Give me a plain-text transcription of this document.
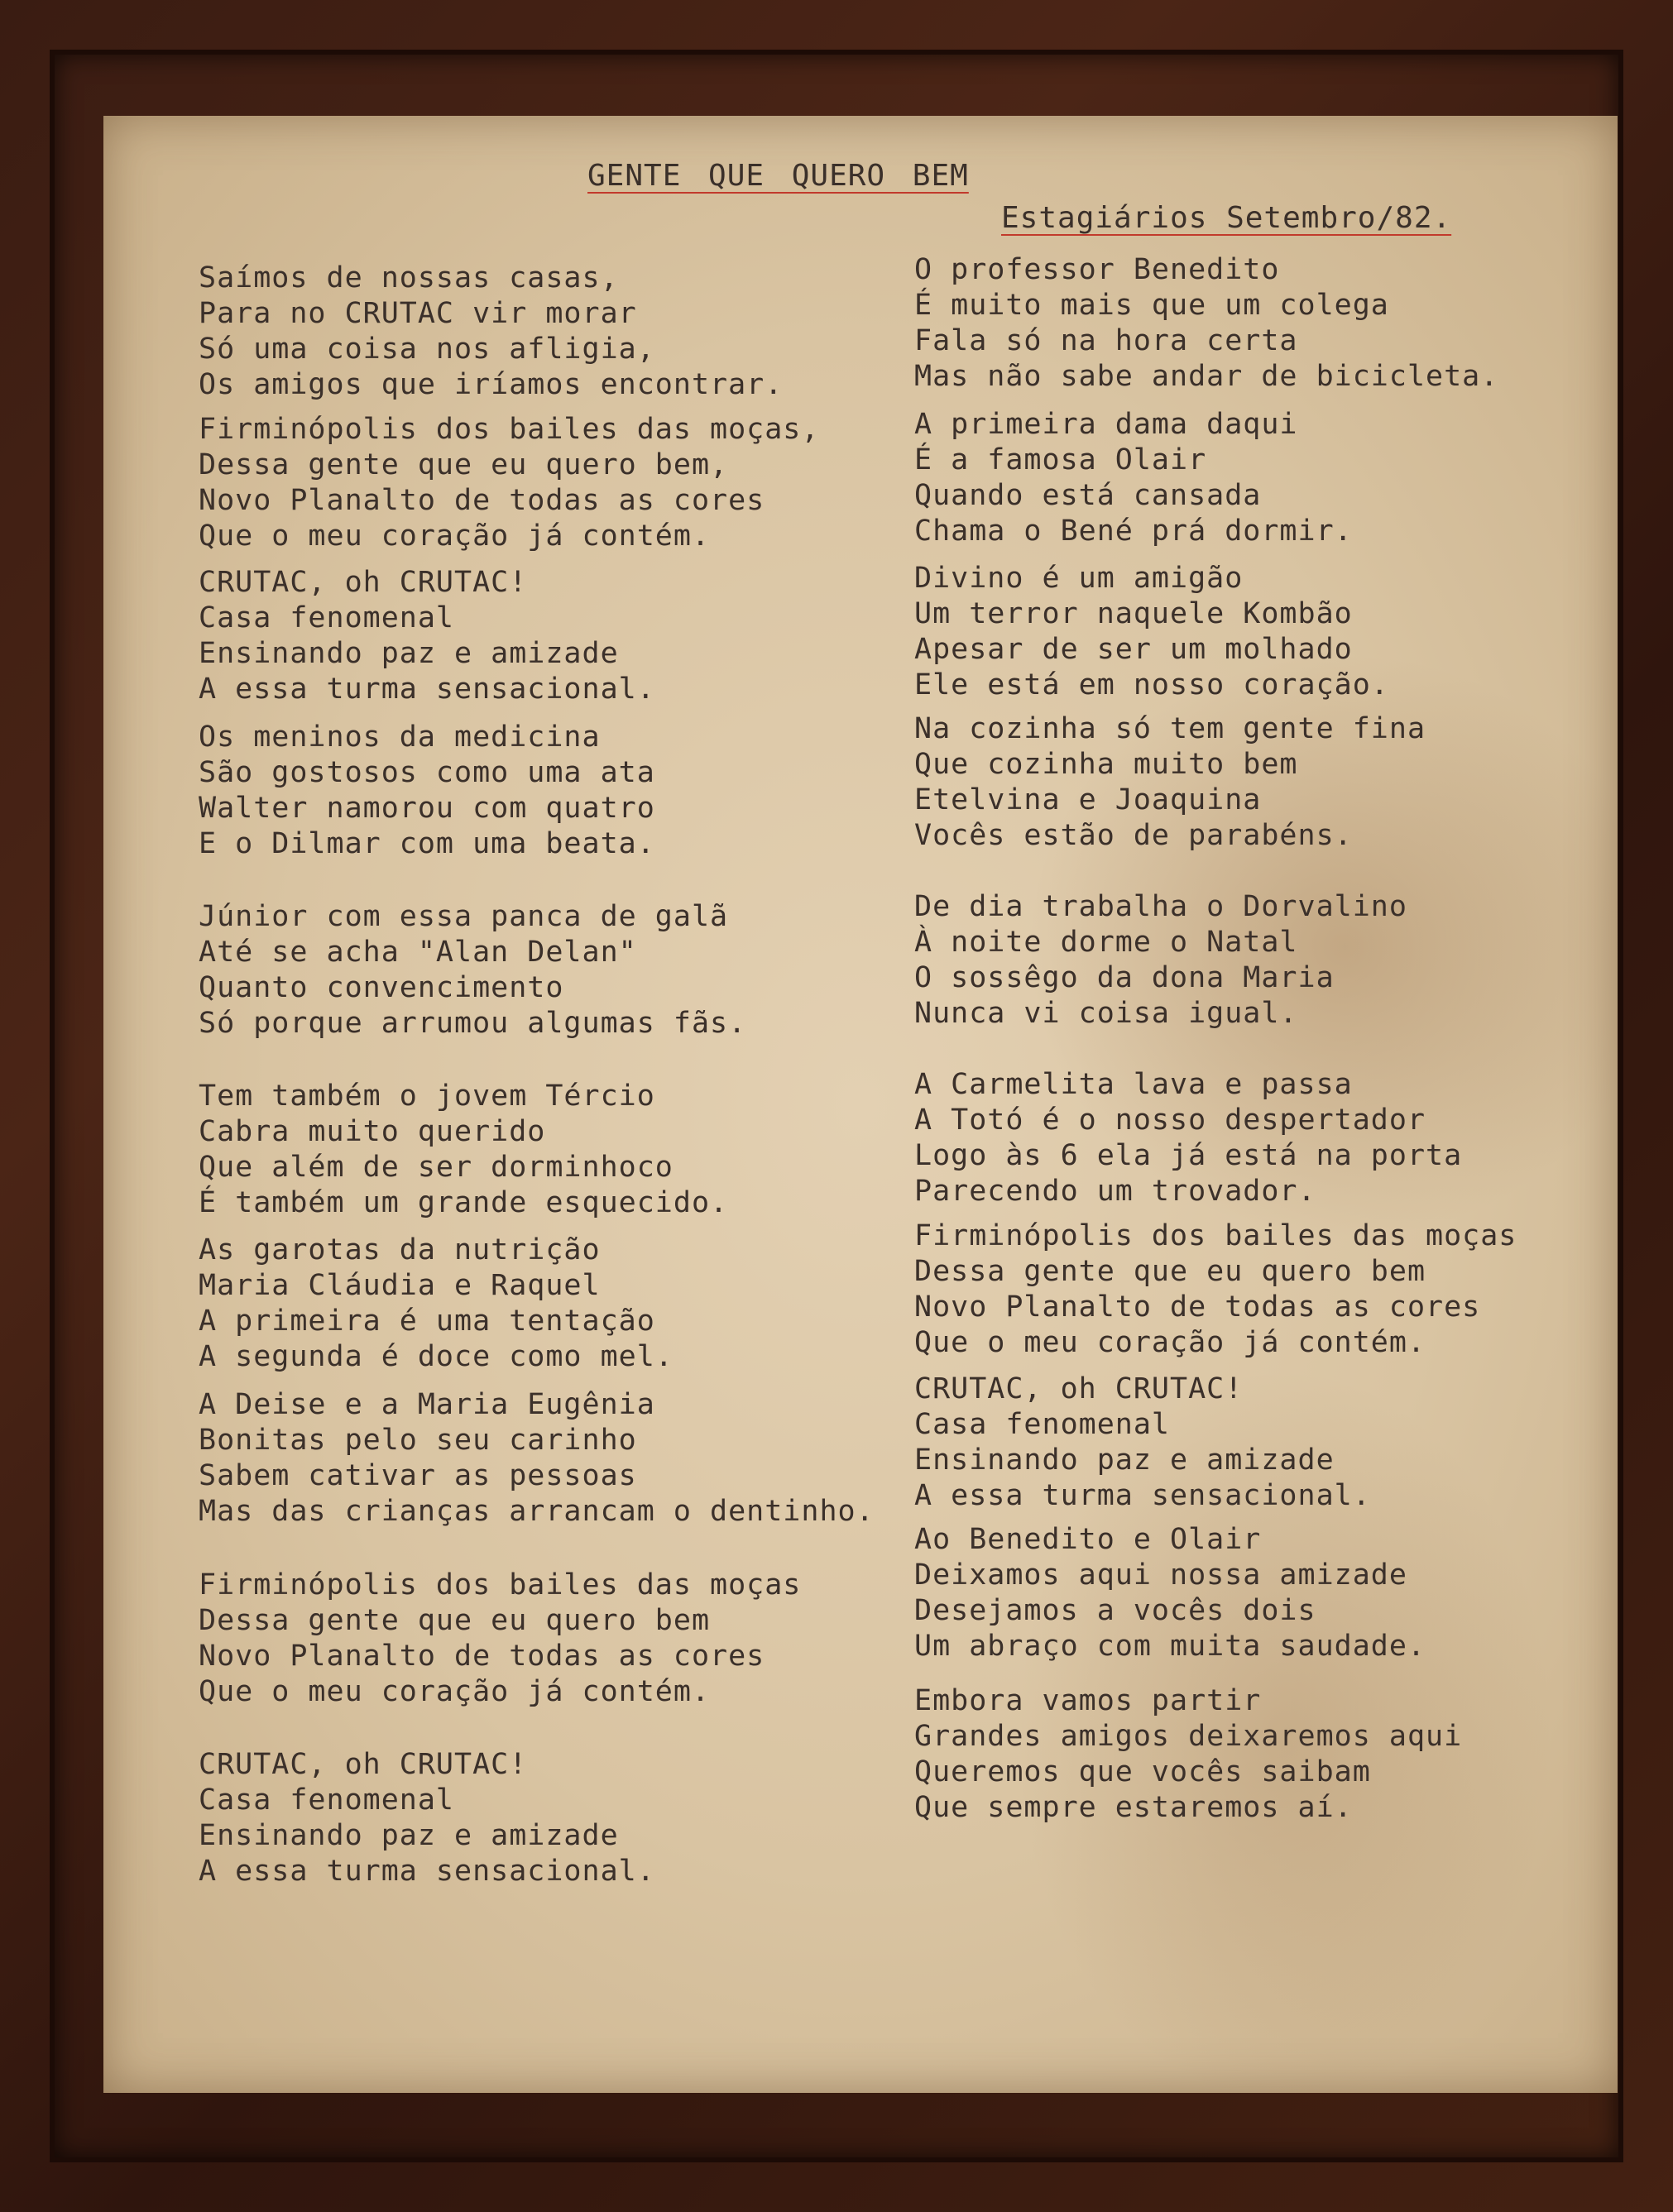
GENTE QUE QUERO BEM
Estagiários Setembro/82.
Saímos de nossas casas,
Para no CRUTAC vir morar
Só uma coisa nos afligia,
Os amigos que iríamos encontrar.
Firminópolis dos bailes das moças,
Dessa gente que eu quero bem,
Novo Planalto de todas as cores
Que o meu coração já contém.
CRUTAC, oh CRUTAC!
Casa fenomenal
Ensinando paz e amizade
A essa turma sensacional.
Os meninos da medicina
São gostosos como uma ata
Walter namorou com quatro
E o Dilmar com uma beata.
Júnior com essa panca de galã
Até se acha "Alan Delan"
Quanto convencimento
Só porque arrumou algumas fãs.
Tem também o jovem Tércio
Cabra muito querido
Que além de ser dorminhoco
É também um grande esquecido.
As garotas da nutrição
Maria Cláudia e Raquel
A primeira é uma tentação
A segunda é doce como mel.
A Deise e a Maria Eugênia
Bonitas pelo seu carinho
Sabem cativar as pessoas
Mas das crianças arrancam o dentinho.
Firminópolis dos bailes das moças
Dessa gente que eu quero bem
Novo Planalto de todas as cores
Que o meu coração já contém.
CRUTAC, oh CRUTAC!
Casa fenomenal
Ensinando paz e amizade
A essa turma sensacional.
O professor Benedito
É muito mais que um colega
Fala só na hora certa
Mas não sabe andar de bicicleta.
A primeira dama daqui
É a famosa Olair
Quando está cansada
Chama o Bené prá dormir.
Divino é um amigão
Um terror naquele Kombão
Apesar de ser um molhado
Ele está em nosso coração.
Na cozinha só tem gente fina
Que cozinha muito bem
Etelvina e Joaquina
Vocês estão de parabéns.
De dia trabalha o Dorvalino
À noite dorme o Natal
O sossêgo da dona Maria
Nunca vi coisa igual.
A Carmelita lava e passa
A Totó é o nosso despertador
Logo às 6 ela já está na porta
Parecendo um trovador.
Firminópolis dos bailes das moças
Dessa gente que eu quero bem
Novo Planalto de todas as cores
Que o meu coração já contém.
CRUTAC, oh CRUTAC!
Casa fenomenal
Ensinando paz e amizade
A essa turma sensacional.
Ao Benedito e Olair
Deixamos aqui nossa amizade
Desejamos a vocês dois
Um abraço com muita saudade.
Embora vamos partir
Grandes amigos deixaremos aqui
Queremos que vocês saibam
Que sempre estaremos aí.
